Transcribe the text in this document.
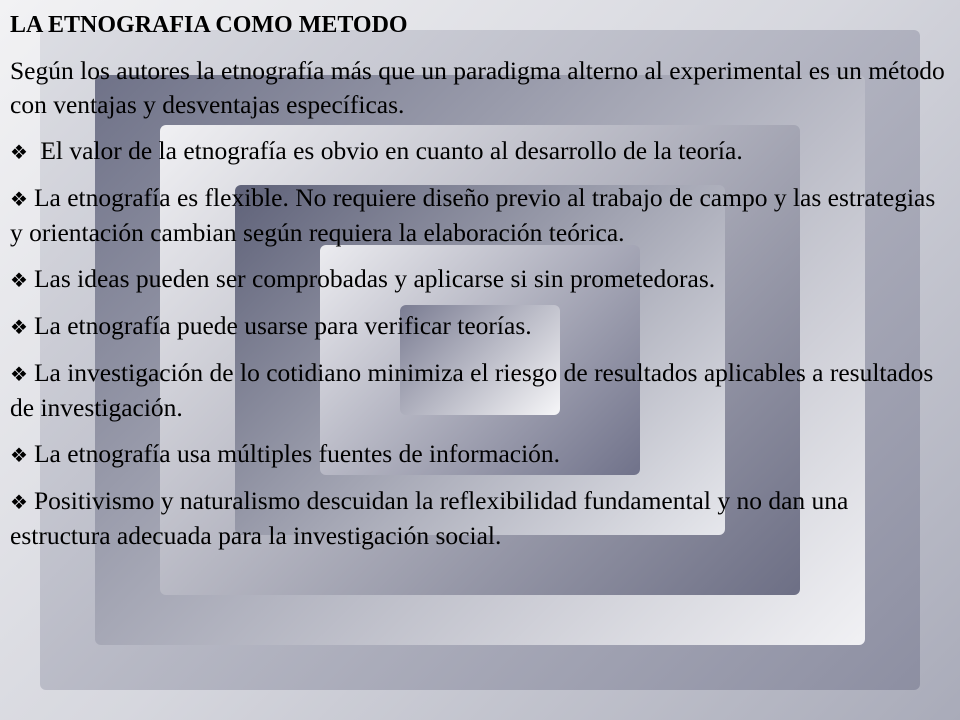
LA ETNOGRAFIA COMO METODO
Según los autores la etnografía más que un paradigma alterno al experimental es un método con ventajas y desventajas específicas.
❖ El valor de la etnografía es obvio en cuanto al desarrollo de la teoría.
❖ La etnografía es flexible. No requiere diseño previo al trabajo de campo y las estrategias y orientación cambian según requiera la elaboración teórica.
❖ Las ideas pueden ser comprobadas y aplicarse si sin prometedoras.
❖ La etnografía puede usarse para verificar teorías.
❖ La investigación de lo cotidiano minimiza el riesgo de resultados aplicables a resultados de investigación.
❖ La etnografía usa múltiples fuentes de información.
❖ Positivismo y naturalismo descuidan la reflexibilidad fundamental y no dan una estructura adecuada para la investigación social.
